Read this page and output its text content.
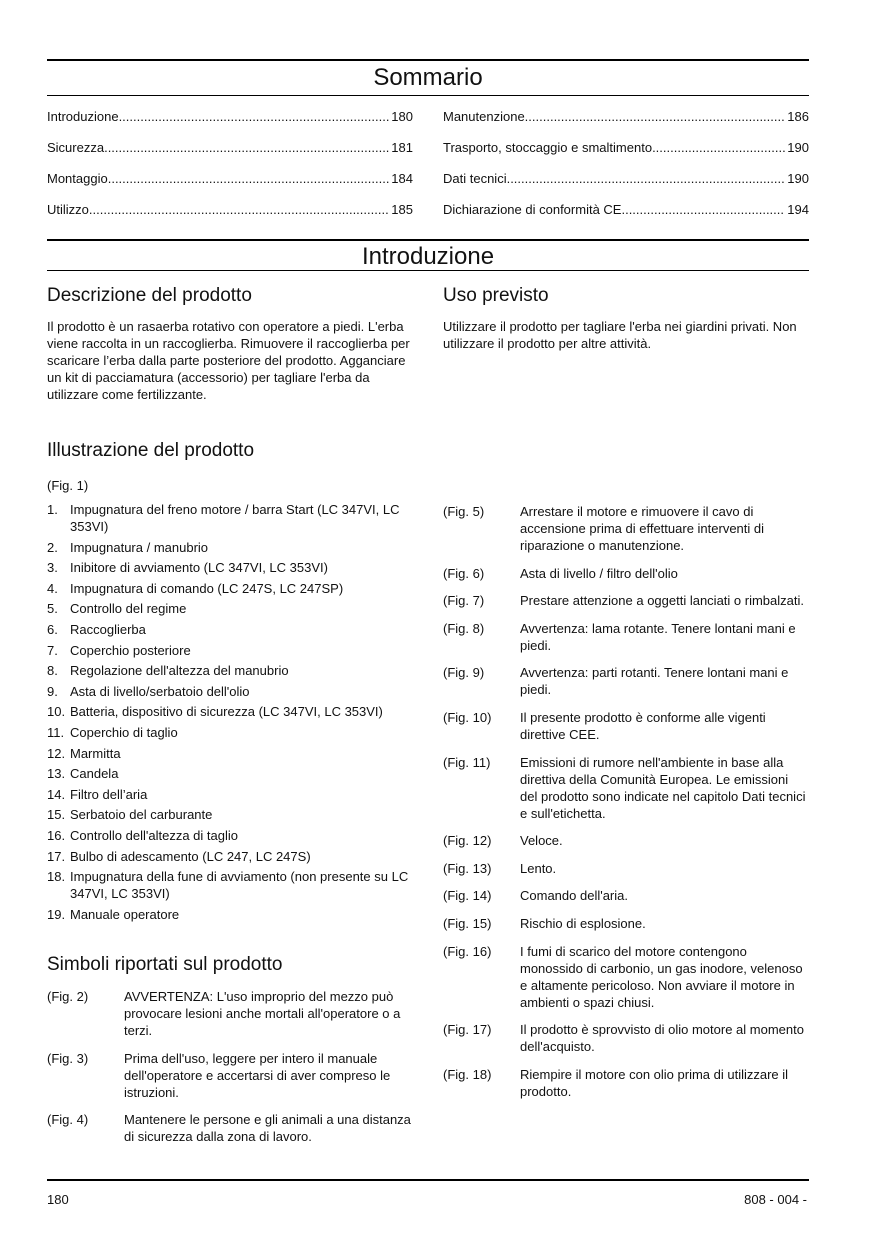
Sommario
Introduzione .....	180
Sicurezza .....	181
Montaggio .....	184
Utilizzo .....	185
Manutenzione .....	186
Trasporto, stoccaggio e smaltimento .....	190
Dati tecnici .....	190
Dichiarazione di conformità CE .....	194
Introduzione
Descrizione del prodotto

Il prodotto è un rasaerba rotativo con operatore a piedi. L'erba viene raccolta in un raccoglierba. Rimuovere il raccoglierba per scaricare l’erba dalla parte posteriore del prodotto. Agganciare un kit di pacciamatura (accessorio) per tagliare l'erba da utilizzare come fertilizzante.

Uso previsto

Utilizzare il prodotto per tagliare l'erba nei giardini privati. Non utilizzare il prodotto per altre attività.

Illustrazione del prodotto
(Fig. 1)
1. Impugnatura del freno motore / barra Start (LC 347VI, LC 353VI)
2. Impugnatura / manubrio
3. Inibitore di avviamento (LC 347VI, LC 353VI)
4. Impugnatura di comando (LC 247S, LC 247SP)
5. Controllo del regime
6. Raccoglierba
7. Coperchio posteriore
8. Regolazione dell'altezza del manubrio
9. Asta di livello/serbatoio dell'olio
10. Batteria, dispositivo di sicurezza (LC 347VI, LC 353VI)
11. Coperchio di taglio
12. Marmitta
13. Candela
14. Filtro dell’aria
15. Serbatoio del carburante
16. Controllo dell'altezza di taglio
17. Bulbo di adescamento (LC 247, LC 247S)
18. Impugnatura della fune di avviamento (non presente su LC 347VI, LC 353VI)
19. Manuale operatore
Simboli riportati sul prodotto
(Fig. 2)	AVVERTENZA: L'uso improprio del mezzo può provocare lesioni anche mortali all'operatore o a terzi.
(Fig. 3)	Prima dell'uso, leggere per intero il manuale dell'operatore e accertarsi di aver compreso le istruzioni.
(Fig. 4)	Mantenere le persone e gli animali a una distanza di sicurezza dalla zona di lavoro.
(Fig. 5)	Arrestare il motore e rimuovere il cavo di accensione prima di effettuare interventi di riparazione o manutenzione.
(Fig. 6)	Asta di livello / filtro dell'olio
(Fig. 7)	Prestare attenzione a oggetti lanciati o rimbalzati.
(Fig. 8)	Avvertenza: lama rotante. Tenere lontani mani e piedi.
(Fig. 9)	Avvertenza: parti rotanti. Tenere lontani mani e piedi.
(Fig. 10)	Il presente prodotto è conforme alle vigenti direttive CEE.
(Fig. 11)	Emissioni di rumore nell'ambiente in base alla direttiva della Comunità Europea. Le emissioni del prodotto sono indicate nel capitolo Dati tecnici e sull'etichetta.
(Fig. 12)	Veloce.
(Fig. 13)	Lento.
(Fig. 14)	Comando dell'aria.
(Fig. 15)	Rischio di esplosione.
(Fig. 16)	I fumi di scarico del motore contengono monossido di carbonio, un gas inodore, velenoso e altamente pericoloso. Non avviare il motore in ambienti o spazi chiusi.
(Fig. 17)	Il prodotto è sprovvisto di olio motore al momento dell'acquisto.
(Fig. 18)	Riempire il motore con olio prima di utilizzare il prodotto.
180	808 - 004 -
